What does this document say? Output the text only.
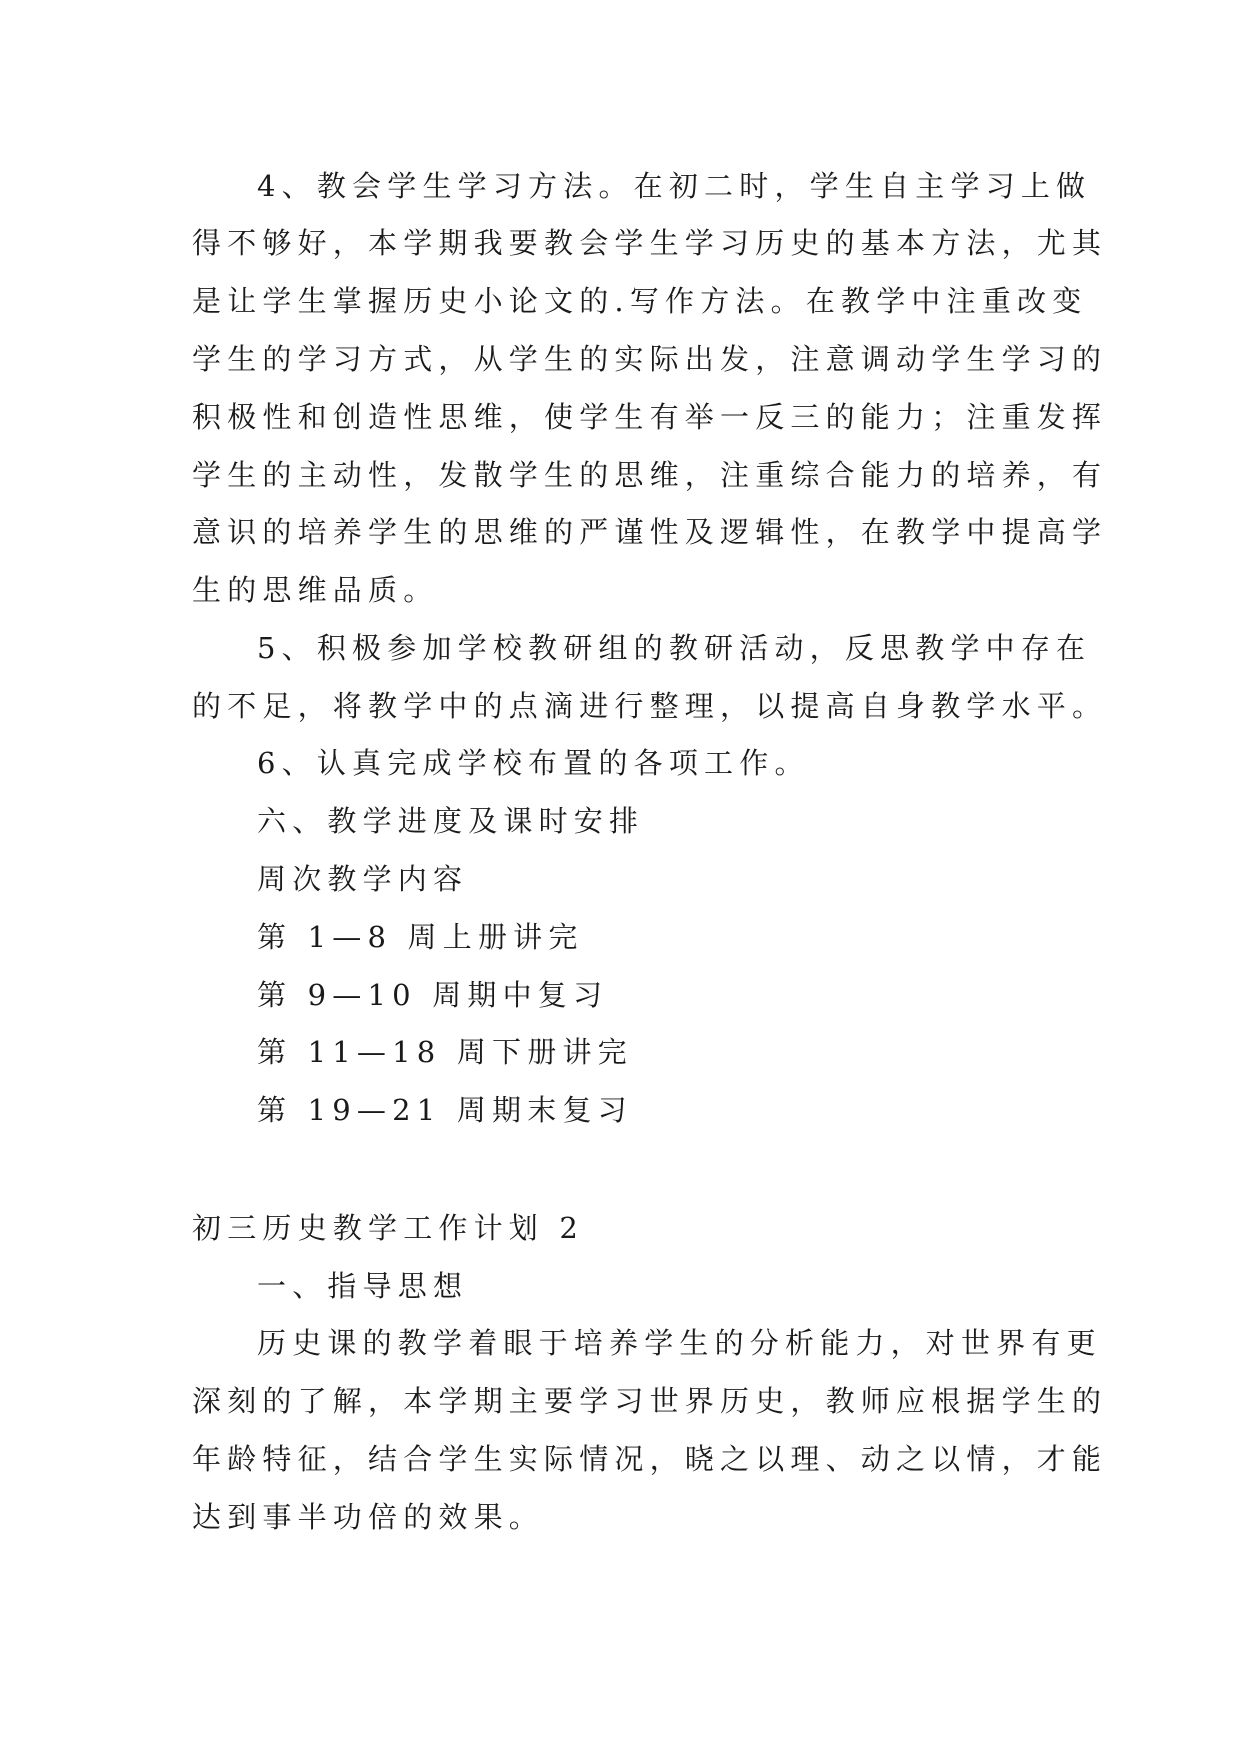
4、教会学生学习方法。在初二时，学生自主学习上做
得不够好，本学期我要教会学生学习历史的基本方法，尤其
是让学生掌握历史小论文的.写作方法。在教学中注重改变
学生的学习方式，从学生的实际出发，注意调动学生学习的
积极性和创造性思维，使学生有举一反三的能力；注重发挥
学生的主动性，发散学生的思维，注重综合能力的培养，有
意识的培养学生的思维的严谨性及逻辑性，在教学中提高学
生的思维品质。
5、积极参加学校教研组的教研活动，反思教学中存在
的不足，将教学中的点滴进行整理，以提高自身教学水平。
6、认真完成学校布置的各项工作。
六、教学进度及课时安排
周次教学内容
第 1—8 周上册讲完
第 9—10 周期中复习
第 11—18 周下册讲完
第 19—21 周期末复习
初三历史教学工作计划 2
一、指导思想
历史课的教学着眼于培养学生的分析能力，对世界有更
深刻的了解，本学期主要学习世界历史，教师应根据学生的
年龄特征，结合学生实际情况，晓之以理、动之以情，才能
达到事半功倍的效果。
